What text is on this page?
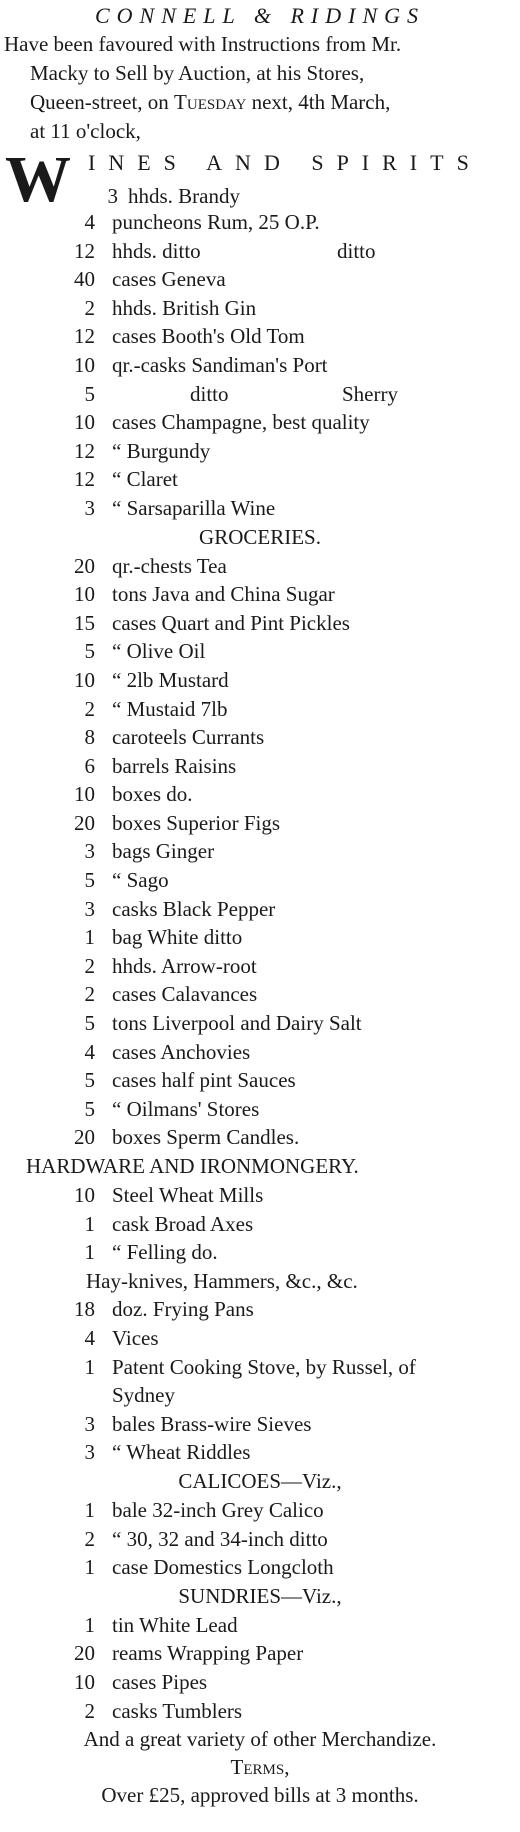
CONNELL & RIDINGS
Have been favoured with Instructions from Mr.
Macky to Sell by Auction, at his Stores,
Queen-street, on Tuesday next, 4th March,
at 11 o'clock,
W INES AND SPIRITS
3 hhds. Brandy
4 puncheons Rum, 25 O.P.
12 hhds. ditto	ditto
40 cases Geneva
2 hhds. British Gin
12 cases Booth's Old Tom
10 qr.-casks Sandiman's Port
5	ditto	Sherry
10 cases Champagne, best quality
12 “ Burgundy
12 “ Claret
3 “ Sarsaparilla Wine
GROCERIES.
20 qr.-chests Tea
10 tons Java and China Sugar
15 cases Quart and Pint Pickles
5 “ Olive Oil
10 “ 2lb Mustard
2 “ Mustaid 7lb
8 caroteels Currants
6 barrels Raisins
10 boxes do.
20 boxes Superior Figs
3 bags Ginger
5 “ Sago
3 casks Black Pepper
1 bag White ditto
2 hhds. Arrow-root
2 cases Calavances
5 tons Liverpool and Dairy Salt
4 cases Anchovies
5 cases half pint Sauces
5 “ Oilmans' Stores
20 boxes Sperm Candles.
HARDWARE AND IRONMONGERY.
10 Steel Wheat Mills
1 cask Broad Axes
1 “ Felling do.
Hay-knives, Hammers, &c., &c.
18 doz. Frying Pans
4 Vices
1 Patent Cooking Stove, by Russel, of
Sydney
3 bales Brass-wire Sieves
3 “ Wheat Riddles
CALICOES—Viz.,
1 bale 32-inch Grey Calico
2 “ 30, 32 and 34-inch ditto
1 case Domestics Longcloth
SUNDRIES—Viz.,
1 tin White Lead
20 reams Wrapping Paper
10 cases Pipes
2 casks Tumblers
And a great variety of other Merchandize.
Terms,
Over £25, approved bills at 3 months.
